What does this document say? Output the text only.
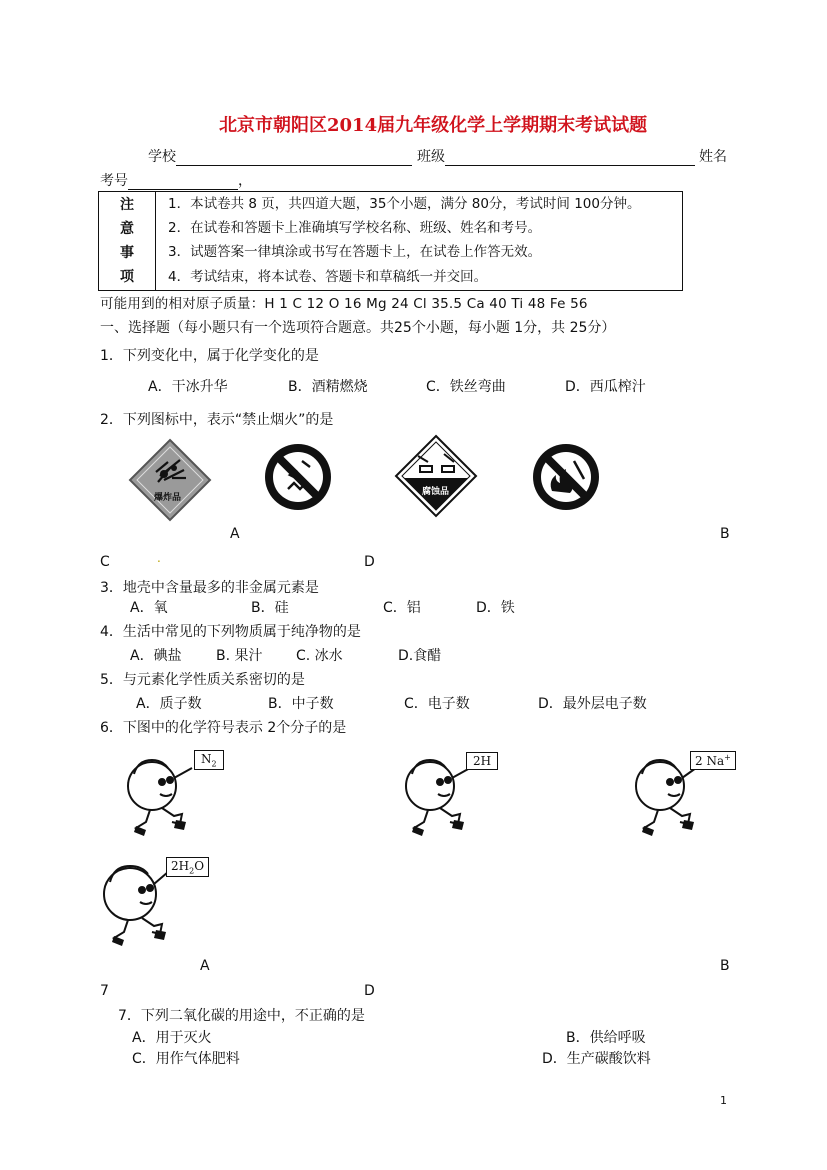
北京市朝阳区2014届九年级化学上学期期末考试试题
学校	班级	姓名
考号	，
注
意
事
项
	1．本试卷共 8 页，共四道大题，35个小题，满分 80分，考试时间 100分钟。
2．在试卷和答题卡上准确填写学校名称、班级、姓名和考号。
3．试题答案一律填涂或书写在答题卡上，在试卷上作答无效。
4．考试结束，将本试卷、答题卡和草稿纸一并交回。
可能用到的相对原子质量：H 1 C 12 O 16 Mg 24 Cl 35.5 Ca 40 Ti 48 Fe 56
一、选择题（每小题只有一个选项符合题意。共25个小题，每小题 1分，共 25分）
1．下列变化中，属于化学变化的是
A．干冰升华	B．酒精燃烧	C．铁丝弯曲	D．西瓜榨汁
2．下列图标中，表示“禁止烟火”的是
爆炸品
腐蚀品
A	B
C	.	D
3．地壳中含量最多的非金属元素是
A．氧	B．硅	C．铝	D．铁
4．生活中常见的下列物质属于纯净物的是
A．碘盐 B. 果汁 C. 冰水	D.食醋
5．与元素化学性质关系密切的是
A．质子数	B．中子数	C．电子数	D．最外层电子数
6．下图中的化学符号表示 2个分子的是
$N_2$	2H	2 Na+
$2H_2O$
A	B
7	D
7．下列二氧化碳的用途中，不正确的是
A．用于灭火	B．供给呼吸
C．用作气体肥料	D．生产碳酸饮料
1
